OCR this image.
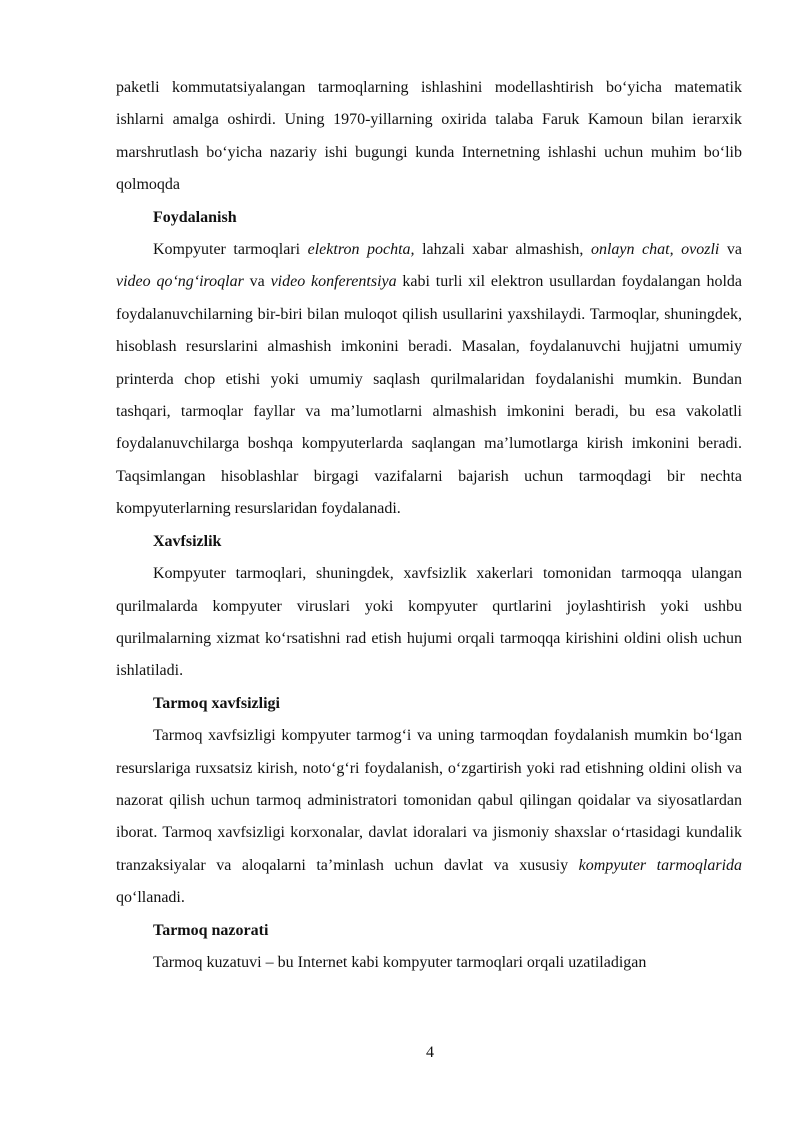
paketli kommutatsiyalangan tarmoqlarning ishlashini modellashtirish boʻyicha matematik ishlarni amalga oshirdi. Uning 1970-yillarning oxirida talaba Faruk Kamoun bilan ierarxik marshrutlash boʻyicha nazariy ishi bugungi kunda Internetning ishlashi uchun muhim boʻlib qolmoqda

Foydalanish

Kompyuter tarmoqlari elektron pochta, lahzali xabar almashish, onlayn chat, ovozli va video qoʻngʻiroqlar va video konferentsiya kabi turli xil elektron usullardan foydalangan holda foydalanuvchilarning bir-biri bilan muloqot qilish usullarini yaxshilaydi. Tarmoqlar, shuningdek, hisoblash resurslarini almashish imkonini beradi. Masalan, foydalanuvchi hujjatni umumiy printerda chop etishi yoki umumiy saqlash qurilmalaridan foydalanishi mumkin. Bundan tashqari, tarmoqlar fayllar va maʼlumotlarni almashish imkonini beradi, bu esa vakolatli foydalanuvchilarga boshqa kompyuterlarda saqlangan maʼlumotlarga kirish imkonini beradi. Taqsimlangan hisoblashlar birgagi vazifalarni bajarish uchun tarmoqdagi bir nechta kompyuterlarning resurslaridan foydalanadi.

Xavfsizlik

Kompyuter tarmoqlari, shuningdek, xavfsizlik xakerlari tomonidan tarmoqqa ulangan qurilmalarda kompyuter viruslari yoki kompyuter qurtlarini joylashtirish yoki ushbu qurilmalarning xizmat koʻrsatishni rad etish hujumi orqali tarmoqqa kirishini oldini olish uchun ishlatiladi.

Tarmoq xavfsizligi

Tarmoq xavfsizligi kompyuter tarmogʻi va uning tarmoqdan foydalanish mumkin boʻlgan resurslariga ruxsatsiz kirish, notoʻgʻri foydalanish, oʻzgartirish yoki rad etishning oldini olish va nazorat qilish uchun tarmoq administratori tomonidan qabul qilingan qoidalar va siyosatlardan iborat. Tarmoq xavfsizligi korxonalar, davlat idoralari va jismoniy shaxslar oʻrtasidagi kundalik tranzaksiyalar va aloqalarni taʼminlash uchun davlat va xususiy kompyuter tarmoqlarida qoʻllanadi.

Tarmoq nazorati

Tarmoq kuzatuvi – bu Internet kabi kompyuter tarmoqlari orqali uzatiladigan

4
